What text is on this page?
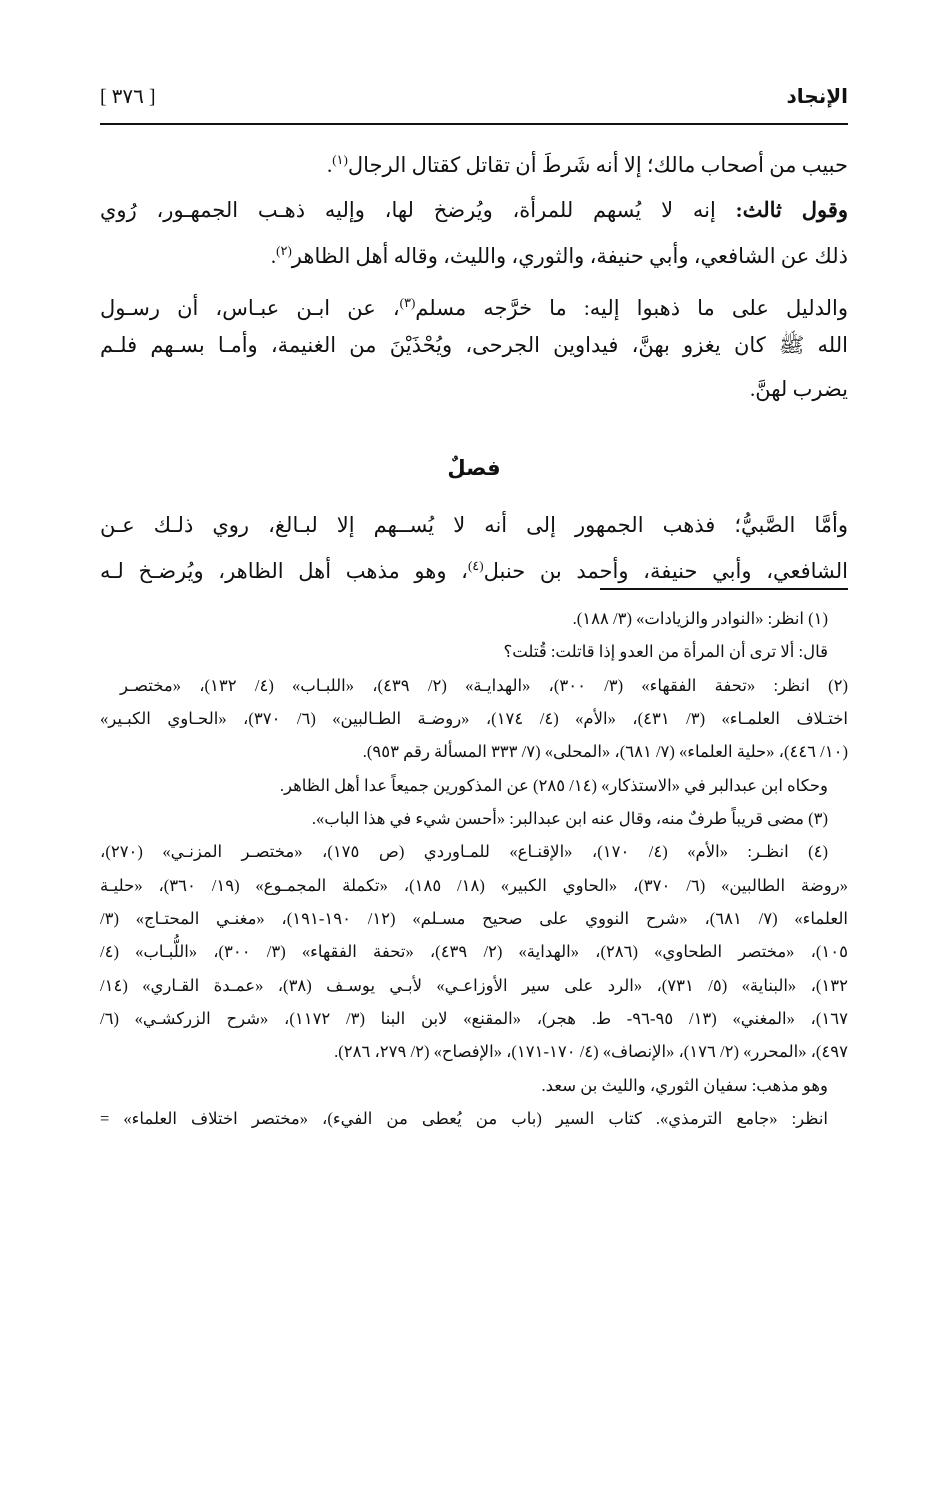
الإنجاد
[ ٣٧٦ ]
حبيب من أصحاب مالك؛ إلا أنه شَرطَ أن تقاتل كقتال الرجال$^{(١)}$.
وقول ثالث: إنه لا يُسهم للمرأة، ويُرضخ لها، وإليه ذهـب الجمهـور، رُوي
ذلك عن الشافعي، وأبي حنيفة، والثوري، والليث، وقاله أهل الظاهر$^{(٢)}$.
والدليل على ما ذهبوا إليه: ما خرَّجه مسلم$^{(٣)}$، عن ابـن عبـاس، أن رسـول
الله ﷺ كان يغزو بهنَّ، فيداوين الجرحى، ويُحْذَيْنَ من الغنيمة، وأمـا بسـهم فلـم
يضرب لهنَّ.
فصلٌ
وأمَّا الصَّبيُّ؛ فذهب الجمهور إلى أنه لا يُســهم إلا لبـالغ، روي ذلـك عـن
الشافعي، وأبي حنيفة، وأحمد بن حنبل$^{(٤)}$، وهو مذهب أهل الظاهر، ويُرضـخ لـه
(١) انظر: «النوادر والزيادات» (٣/ ١٨٨).
قال: ألا ترى أن المرأة من العدو إذا قاتلت: قُتلت؟
(٢) انظر: «تحفة الفقهاء» (٣/ ٣٠٠)، «الهدايـة» (٢/ ٤٣٩)، «اللبـاب» (٤/ ١٣٢)، «مختصـر
اختـلاف العلمـاء» (٣/ ٤٣١)، «الأم» (٤/ ١٧٤)، «روضـة الطـالبين» (٦/ ٣٧٠)، «الحـاوي الكبـير»
(١٠/ ٤٤٦)، «حلية العلماء» (٧/ ٦٨١)، «المحلى» (٧/ ٣٣٣ المسألة رقم ٩٥٣).
وحكاه ابن عبدالبر في «الاستذكار» (١٤/ ٢٨٥) عن المذكورين جميعاً عدا أهل الظاهر.
(٣) مضى قريباً طرفٌ منه، وقال عنه ابن عبدالبر: «أحسن شيء في هذا الباب».
(٤) انظـر: «الأم» (٤/ ١٧٠)، «الإقنـاع» للمـاوردي (ص ١٧٥)، «مختصـر المزنـي» (٢٧٠)،
«روضة الطالبين» (٦/ ٣٧٠)، «الحاوي الكبير» (١٨/ ١٨٥)، «تكملة المجمـوع» (١٩/ ٣٦٠)، «حليـة
العلماء» (٧/ ٦٨١)، «شرح النووي على صحيح مسـلم» (١٢/ ١٩٠-١٩١)، «مغنـي المحتـاج» (٣/
١٠٥)، «مختصر الطحاوي» (٢٨٦)، «الهداية» (٢/ ٤٣٩)، «تحفة الفقهاء» (٣/ ٣٠٠)، «اللُّبـاب» (٤/
١٣٢)، «البناية» (٥/ ٧٣١)، «الرد على سير الأوزاعـي» لأبـي يوسـف (٣٨)، «عمـدة القـاري» (١٤/
١٦٧)، «المغني» (١٣/ ٩٥-٩٦- ط. هجر)، «المقنع» لابن البنا (٣/ ١١٧٢)، «شرح الزركشـي» (٦/
٤٩٧)، «المحرر» (٢/ ١٧٦)، «الإنصاف» (٤/ ١٧٠-١٧١)، «الإفصاح» (٢/ ٢٧٩، ٢٨٦).
وهو مذهب: سفيان الثوري، والليث بن سعد.
انظر: «جامع الترمذي». كتاب السير (باب من يُعطى من الفيء)، «مختصر اختلاف العلماء» =
